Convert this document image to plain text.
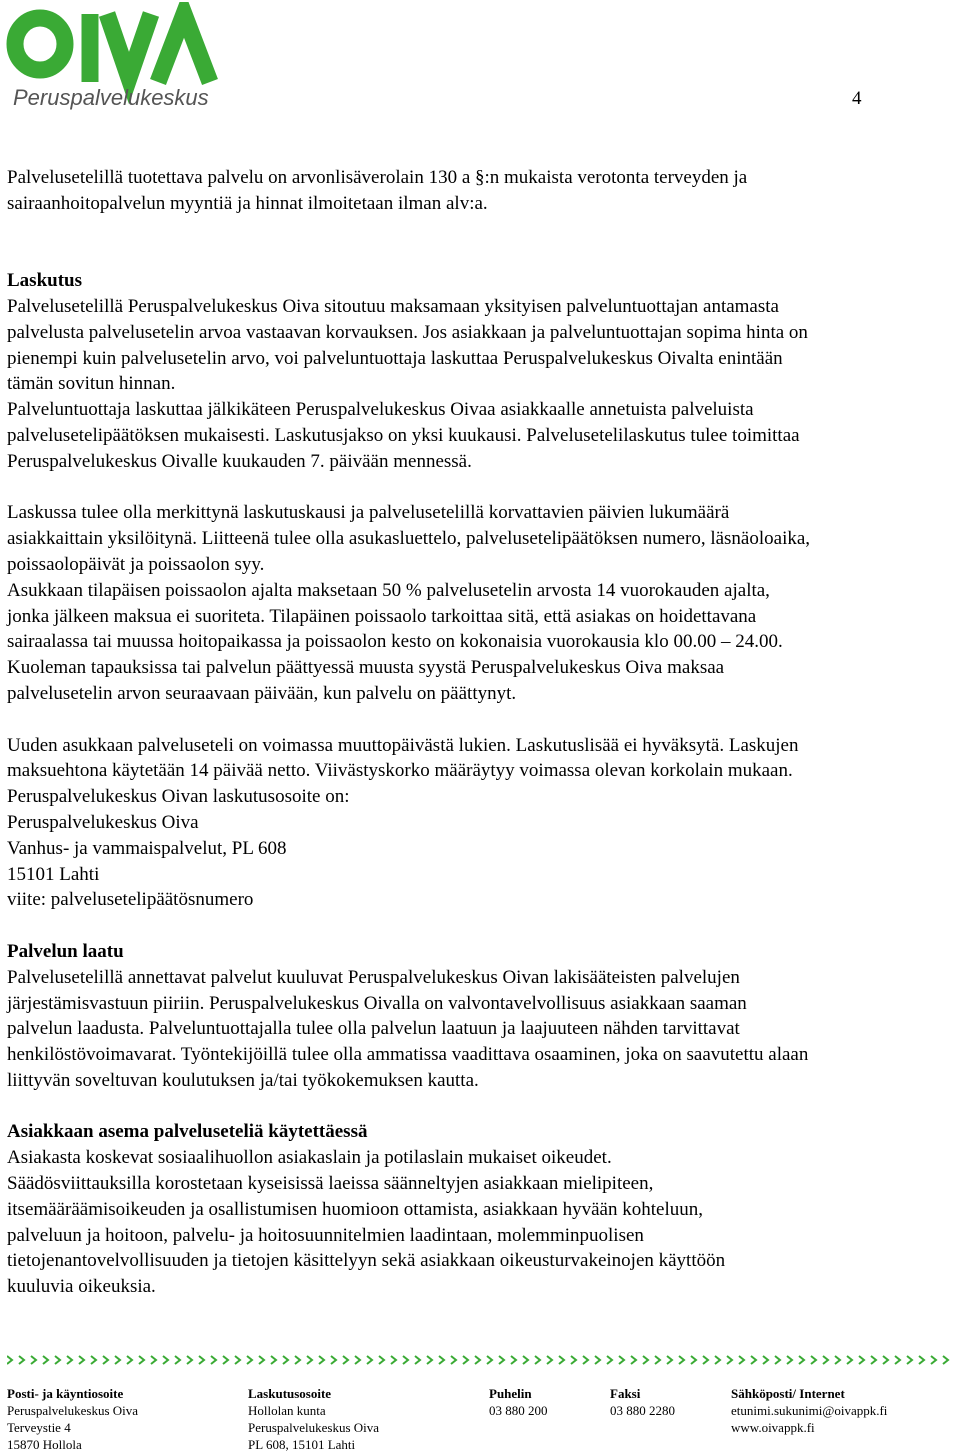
Peruspalvelukeskus	4

Palvelusetelillä tuotettava palvelu on arvonlisäverolain 130 a §:n mukaista verotonta terveyden ja

sairaanhoitopalvelun myyntiä ja hinnat ilmoitetaan ilman alv:a.

Laskutus

Palvelusetelillä Peruspalvelukeskus Oiva sitoutuu maksamaan yksityisen palveluntuottajan antamasta

palvelusta palvelusetelin arvoa vastaavan korvauksen. Jos asiakkaan ja palveluntuottajan sopima hinta on

pienempi kuin palvelusetelin arvo, voi palveluntuottaja laskuttaa Peruspalvelukeskus Oivalta enintään

tämän sovitun hinnan.

Palveluntuottaja laskuttaa jälkikäteen Peruspalvelukeskus Oivaa asiakkaalle annetuista palveluista

palvelusetelipäätöksen mukaisesti. Laskutusjakso on yksi kuukausi. Palvelusetelilaskutus tulee toimittaa

Peruspalvelukeskus Oivalle kuukauden 7. päivään mennessä.

Laskussa tulee olla merkittynä laskutuskausi ja palvelusetelillä korvattavien päivien lukumäärä

asiakkaittain yksilöitynä. Liitteenä tulee olla asukasluettelo, palvelusetelipäätöksen numero, läsnäoloaika,

poissaolopäivät ja poissaolon syy.

Asukkaan tilapäisen poissaolon ajalta maksetaan 50 % palvelusetelin arvosta 14 vuorokauden ajalta,

jonka jälkeen maksua ei suoriteta. Tilapäinen poissaolo tarkoittaa sitä, että asiakas on hoidettavana

sairaalassa tai muussa hoitopaikassa ja poissaolon kesto on kokonaisia vuorokausia klo 00.00 – 24.00.

Kuoleman tapauksissa tai palvelun päättyessä muusta syystä Peruspalvelukeskus Oiva maksaa

palvelusetelin arvon seuraavaan päivään, kun palvelu on päättynyt.

Uuden asukkaan palveluseteli on voimassa muuttopäivästä lukien. Laskutuslisää ei hyväksytä. Laskujen

maksuehtona käytetään 14 päivää netto. Viivästyskorko määräytyy voimassa olevan korkolain mukaan.

Peruspalvelukeskus Oivan laskutusosoite on:

Peruspalvelukeskus Oiva

Vanhus- ja vammaispalvelut, PL 608

15101 Lahti

viite: palvelusetelipäätösnumero

Palvelun laatu

Palvelusetelillä annettavat palvelut kuuluvat Peruspalvelukeskus Oivan lakisääteisten palvelujen

järjestämisvastuun piiriin. Peruspalvelukeskus Oivalla on valvontavelvollisuus asiakkaan saaman

palvelun laadusta. Palveluntuottajalla tulee olla palvelun laatuun ja laajuuteen nähden tarvittavat

henkilöstövoimavarat. Työntekijöillä tulee olla ammatissa vaadittava osaaminen, joka on saavutettu alaan

liittyvän soveltuvan koulutuksen ja/tai työkokemuksen kautta.

Asiakkaan asema palveluseteliä käytettäessä

Asiakasta koskevat sosiaalihuollon asiakaslain ja potilaslain mukaiset oikeudet.

Säädösviittauksilla korostetaan kyseisissä laeissa säänneltyjen asiakkaan mielipiteen,

itsemääräämisoikeuden ja osallistumisen huomioon ottamista, asiakkaan hyvään kohteluun,

palveluun ja hoitoon, palvelu- ja hoitosuunnitelmien laadintaan, molemminpuolisen

tietojenantovelvollisuuden ja tietojen käsittelyyn sekä asiakkaan oikeusturvakeinojen käyttöön

kuuluvia oikeuksia.

Posti- ja käyntiosoite
Peruspalvelukeskus Oiva
Terveystie 4
15870 Hollola
Laskutusosoite
Hollolan kunta
Peruspalvelukeskus Oiva
PL 608, 15101 Lahti
Puhelin
03 880 200
Faksi
03 880 2280
Sähköposti/ Internet
etunimi.sukunimi@oivappk.fi
www.oivappk.fi
